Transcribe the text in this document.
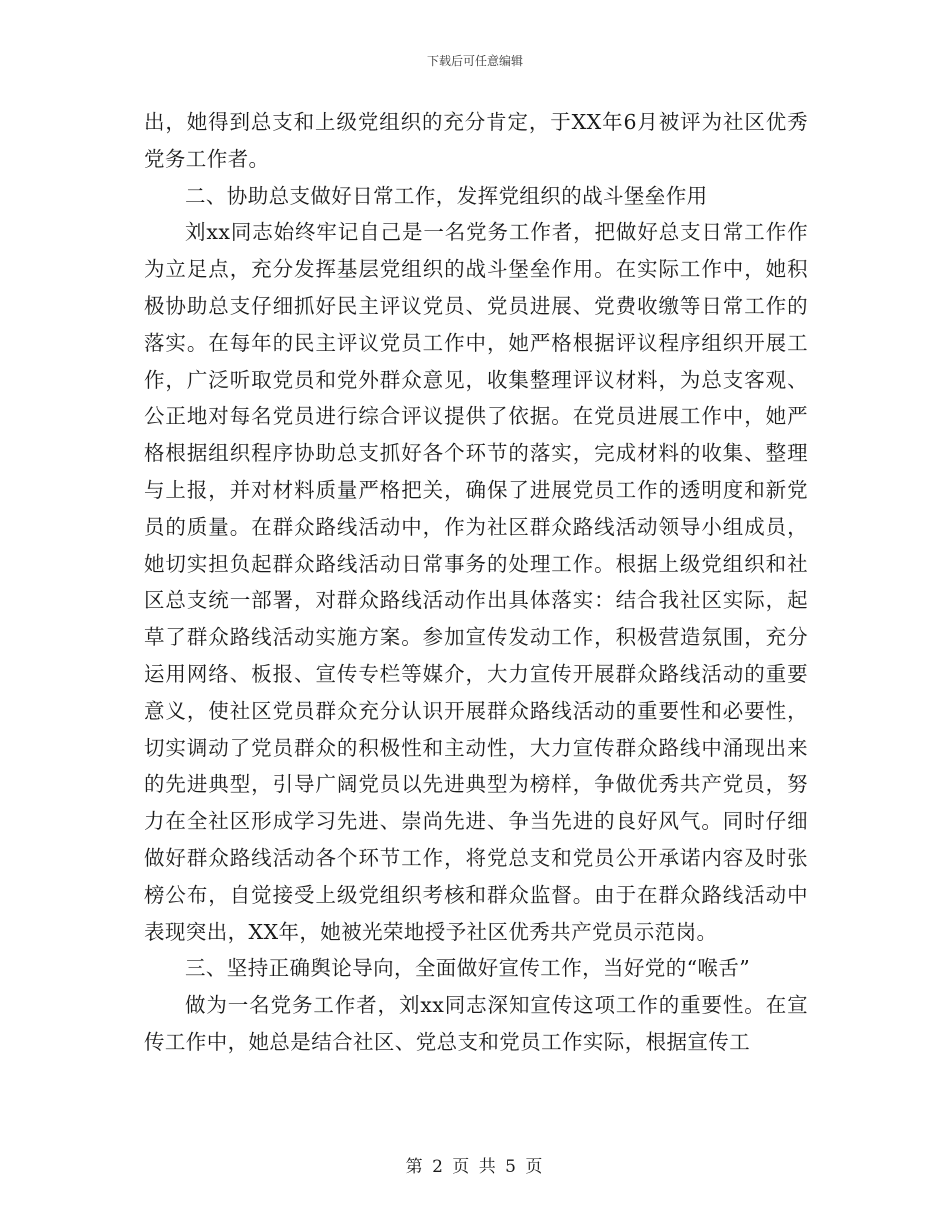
下载后可任意编辑

出，她得到总支和上级党组织的充分肯定，于XX年6月被评为社区优秀党务工作者。

二、协助总支做好日常工作，发挥党组织的战斗堡垒作用

刘xx同志始终牢记自己是一名党务工作者，把做好总支日常工作作为立足点，充分发挥基层党组织的战斗堡垒作用。在实际工作中，她积极协助总支仔细抓好民主评议党员、党员进展、党费收缴等日常工作的落实。在每年的民主评议党员工作中，她严格根据评议程序组织开展工作，广泛听取党员和党外群众意见，收集整理评议材料，为总支客观、公正地对每名党员进行综合评议提供了依据。在党员进展工作中，她严格根据组织程序协助总支抓好各个环节的落实，完成材料的收集、整理与上报，并对材料质量严格把关，确保了进展党员工作的透明度和新党员的质量。在群众路线活动中，作为社区群众路线活动领导小组成员，她切实担负起群众路线活动日常事务的处理工作。根据上级党组织和社区总支统一部署，对群众路线活动作出具体落实：结合我社区实际，起草了群众路线活动实施方案。参加宣传发动工作，积极营造氛围，充分运用网络、板报、宣传专栏等媒介，大力宣传开展群众路线活动的重要意义，使社区党员群众充分认识开展群众路线活动的重要性和必要性，切实调动了党员群众的积极性和主动性，大力宣传群众路线中涌现出来的先进典型，引导广阔党员以先进典型为榜样，争做优秀共产党员，努力在全社区形成学习先进、崇尚先进、争当先进的良好风气。同时仔细做好群众路线活动各个环节工作，将党总支和党员公开承诺内容及时张榜公布，自觉接受上级党组织考核和群众监督。由于在群众路线活动中表现突出，XX年，她被光荣地授予社区优秀共产党员示范岗。

三、坚持正确舆论导向，全面做好宣传工作，当好党的“喉舌”

做为一名党务工作者，刘xx同志深知宣传这项工作的重要性。在宣传工作中，她总是结合社区、党总支和党员工作实际，根据宣传工

第 2 页 共 5 页
